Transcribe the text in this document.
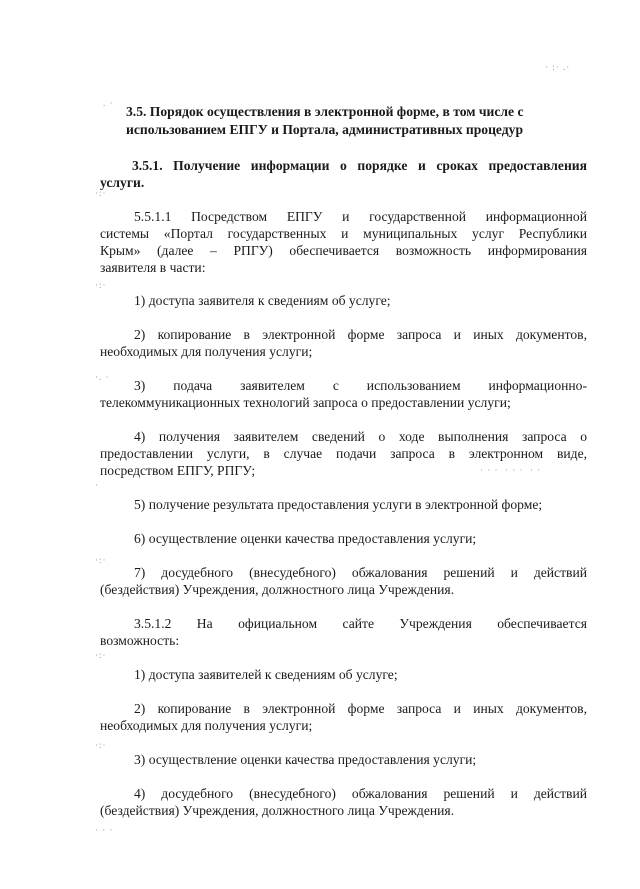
. ·
· :· .·
·:·
·:·
·. ·
· · ·  · · ·  · ·
·
·:·
·:·
·:·
· · ·

3.5. Порядок осуществления в электронной форме, в том числе с

использованием ЕПГУ и Портала, административных процедур

3.5.1. Получение информации о порядке и сроках предоставления

услуги.

5.5.1.1 Посредством ЕПГУ и государственной информационной

системы «Портал государственных и муниципальных услуг Республики

Крым» (далее – РПГУ) обеспечивается возможность информирования

заявителя в части:

1) доступа заявителя к сведениям об услуге;

2) копирование в электронной форме запроса и иных документов,

необходимых для получения услуги;

3) подача заявителем с использованием информационно-

телекоммуникационных технологий запроса о предоставлении услуги;

4) получения заявителем сведений о ходе выполнения запроса о

предоставлении услуги, в случае подачи запроса в электронном виде,

посредством ЕПГУ, РПГУ;

5) получение результата предоставления услуги в электронной форме;

6) осуществление оценки качества предоставления услуги;

7) досудебного (внесудебного) обжалования решений и действий

(бездействия) Учреждения, должностного лица Учреждения.

3.5.1.2 На официальном сайте Учреждения обеспечивается

возможность:

1) доступа заявителей к сведениям об услуге;

2) копирование в электронной форме запроса и иных документов,

необходимых для получения услуги;

3) осуществление оценки качества предоставления услуги;

4) досудебного (внесудебного) обжалования решений и действий

(бездействия) Учреждения, должностного лица Учреждения.
